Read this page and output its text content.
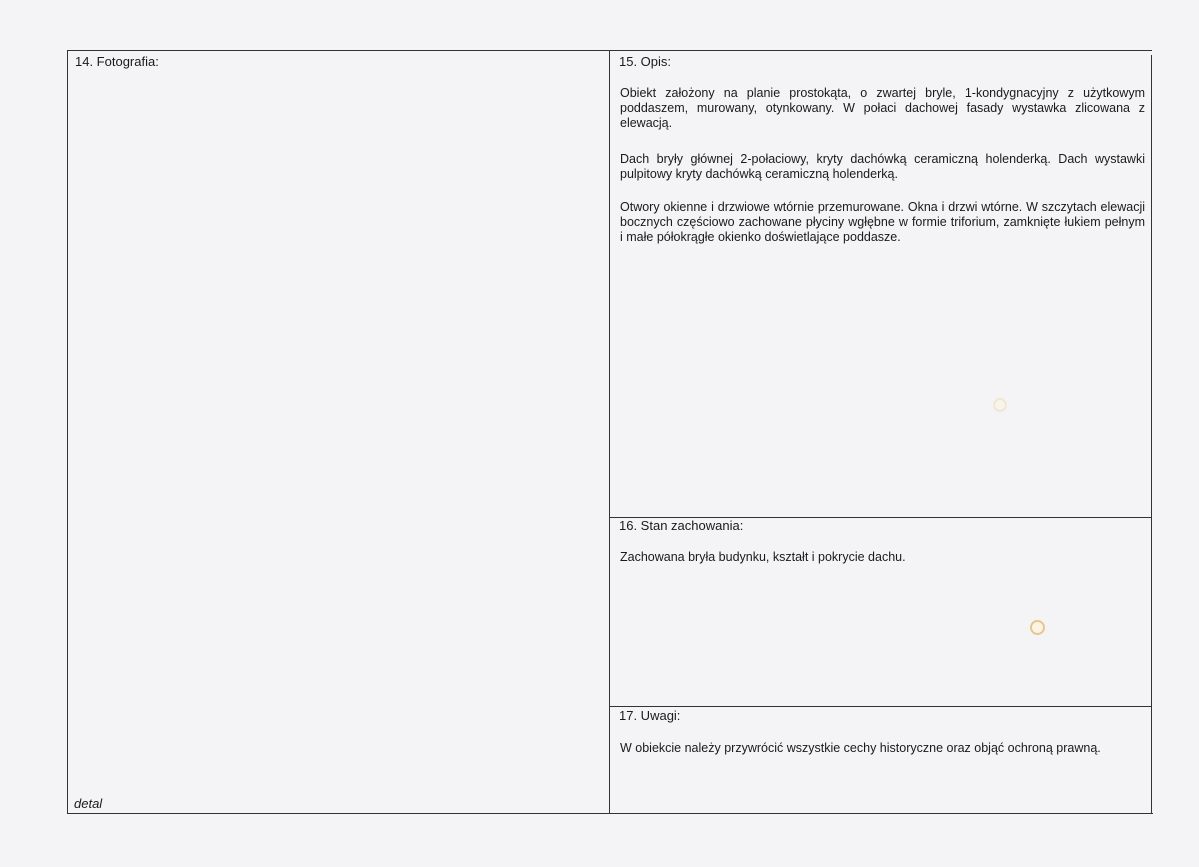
14. Fotografia:
detal
15. Opis:

Obiekt założony na planie prostokąta, o zwartej bryle, 1-kondygnacyjny z użytkowym poddaszem, murowany, otynkowany. W połaci dachowej fasady wystawka zlicowana z elewacją.

Dach bryły głównej 2-połaciowy, kryty dachówką ceramiczną holenderką. Dach wystawki pulpitowy kryty dachówką ceramiczną holenderką.

Otwory okienne i drzwiowe wtórnie przemurowane. Okna i drzwi wtórne. W szczytach elewacji bocznych częściowo zachowane płyciny wgłębne w formie triforium, zamknięte łukiem pełnym i małe półokrągłe okienko doświetlające poddasze.

16. Stan zachowania:

Zachowana bryła budynku, kształt i pokrycie dachu.

17. Uwagi:

W obiekcie należy przywrócić wszystkie cechy historyczne oraz objąć ochroną prawną.
